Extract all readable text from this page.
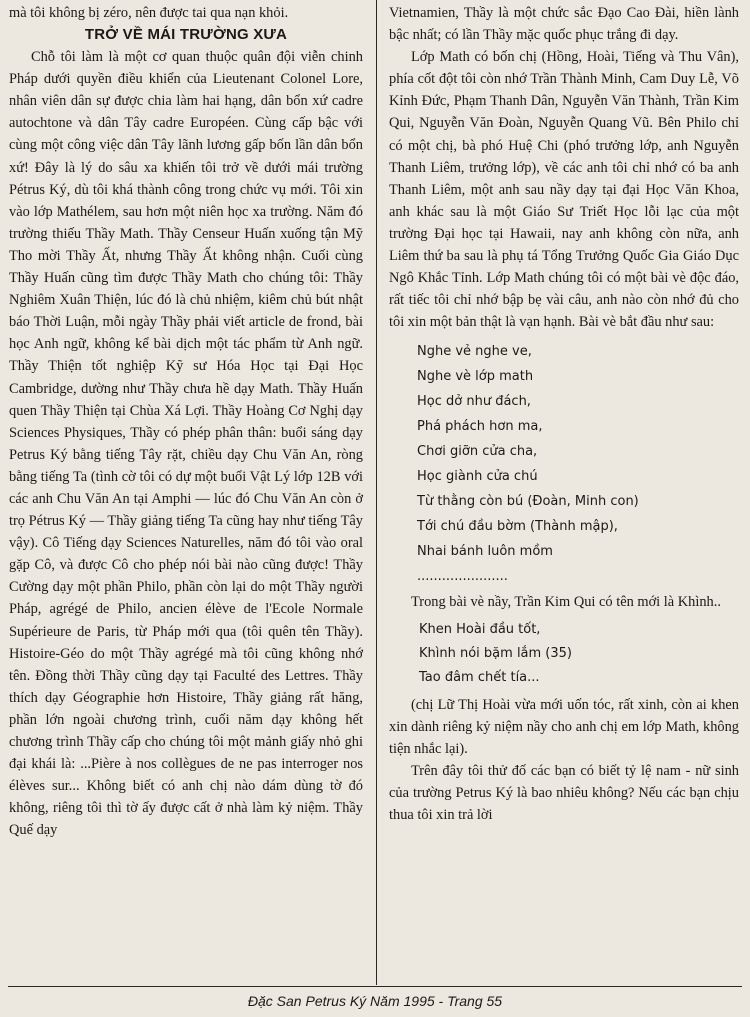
mà tôi không bị zéro, nên được tai qua nạn khỏi.

TRỞ VỀ MÁI TRƯỜNG XƯA

Chỗ tôi làm là một cơ quan thuộc quân đội viễn chinh Pháp dưới quyền điều khiển của Lieutenant Colonel Lore, nhân viên dân sự được chia làm hai hạng, dân bổn xứ cadre autochtone và dân Tây cadre Européen. Cùng cấp bậc với cùng một công việc dân Tây lãnh lương gấp bốn lần dân bổn xứ! Đây là lý do sâu xa khiến tôi trở về dưới mái trường Pétrus Ký, dù tôi khá thành công trong chức vụ mới. Tôi xin vào lớp Mathélem, sau hơn một niên học xa trường. Năm đó trường thiếu Thầy Math. Thầy Censeur Huấn xuống tận Mỹ Tho mời Thầy Ất, nhưng Thầy Ất không nhận. Cuối cùng Thầy Huấn cũng tìm được Thầy Math cho chúng tôi: Thầy Nghiêm Xuân Thiện, lúc đó là chủ nhiệm, kiêm chủ bút nhật báo Thời Luận, mỗi ngày Thầy phải viết article de frond, bài học Anh ngữ, không kể bài dịch một tác phẩm từ Anh ngữ. Thầy Thiện tốt nghiệp Kỹ sư Hóa Học tại Đại Học Cambridge, dường như Thầy chưa hề dạy Math. Thầy Huấn quen Thầy Thiện tại Chùa Xá Lợi. Thầy Hoàng Cơ Nghị dạy Sciences Physiques, Thầy có phép phân thân: buổi sáng dạy Petrus Ký bằng tiếng Tây rặt, chiều dạy Chu Văn An, ròng bằng tiếng Ta (tình cờ tôi có dự một buổi Vật Lý lớp 12B với các anh Chu Văn An tại Amphi — lúc đó Chu Văn An còn ở trọ Pétrus Ký — Thầy giảng tiếng Ta cũng hay như tiếng Tây vậy). Cô Tiếng dạy Sciences Naturelles, năm đó tôi vào oral gặp Cô, và được Cô cho phép nói bài nào cũng được! Thầy Cường dạy một phần Philo, phần còn lại do một Thầy người Pháp, agrégé de Philo, ancien élève de l'Ecole Normale Supérieure de Paris, từ Pháp mới qua (tôi quên tên Thầy). Histoire-Géo do một Thầy agrégé mà tôi cũng không nhớ tên. Đồng thời Thầy cũng dạy tại Faculté des Lettres. Thầy thích dạy Géographie hơn Histoire, Thầy giảng rất hăng, phần lớn ngoài chương trình, cuối năm dạy không hết chương trình Thầy cấp cho chúng tôi một mảnh giấy nhỏ ghi đại khái là: ...Pière à nos collègues de ne pas interroger nos élèves sur... Không biết có anh chị nào dám dùng tờ đó không, riêng tôi thì tờ ấy được cất ở nhà làm kỷ niệm. Thầy Quế dạy

Vietnamien, Thầy là một chức sắc Đạo Cao Đài, hiền lành bậc nhất; có lần Thầy mặc quốc phục trắng đi dạy.

Lớp Math có bốn chị (Hồng, Hoài, Tiếng và Thu Vân), phía cốt đột tôi còn nhớ Trần Thành Minh, Cam Duy Lễ, Võ Kỉnh Đức, Phạm Thanh Dân, Nguyễn Văn Thành, Trần Kim Qui, Nguyễn Văn Đoàn, Nguyễn Quang Vũ. Bên Philo chỉ có một chị, bà phó Huệ Chi (phó trưởng lớp, anh Nguyễn Thanh Liêm, trưởng lớp), về các anh tôi chỉ nhớ có ba anh Thanh Liêm, một anh sau nầy dạy tại đại Học Văn Khoa, anh khác sau là một Giáo Sư Triết Học lỗi lạc của một trường Đại học tại Hawaii, nay anh không còn nữa, anh Liêm thứ ba sau là phụ tá Tổng Trưởng Quốc Gia Giáo Dục Ngô Khắc Tỉnh. Lớp Math chúng tôi có một bài vè độc đáo, rất tiếc tôi chỉ nhớ bập bẹ vài câu, anh nào còn nhớ đủ cho tôi xin một bản thật là vạn hạnh. Bài vè bắt đầu như sau:

Nghe vẻ nghe ve,
Nghe vè lớp math
Học dở như đách,
Phá phách hơn ma,
Chơi giỡn cửa cha,
Học giành cửa chú
Từ thằng còn bú (Đoàn, Minh con)
Tới chú đầu bờm (Thành mập),
Nhai bánh luôn mồm
......................

Trong bài vè nầy, Trần Kim Qui có tên mới là Khình..

Khen Hoài đầu tốt,
Khình nói bặm lắm (35)
Tao đâm chết tía...

(chị Lữ Thị Hoài vừa mới uốn tóc, rất xinh, còn ai khen xin dành riêng kỷ niệm nầy cho anh chị em lớp Math, không tiện nhắc lại).

Trên đây tôi thử đố các bạn có biết tỷ lệ nam - nữ sinh của trường Petrus Ký là bao nhiêu không? Nếu các bạn chịu thua tôi xin trả lời

Đặc San Petrus Ký Năm 1995 - Trang 55
